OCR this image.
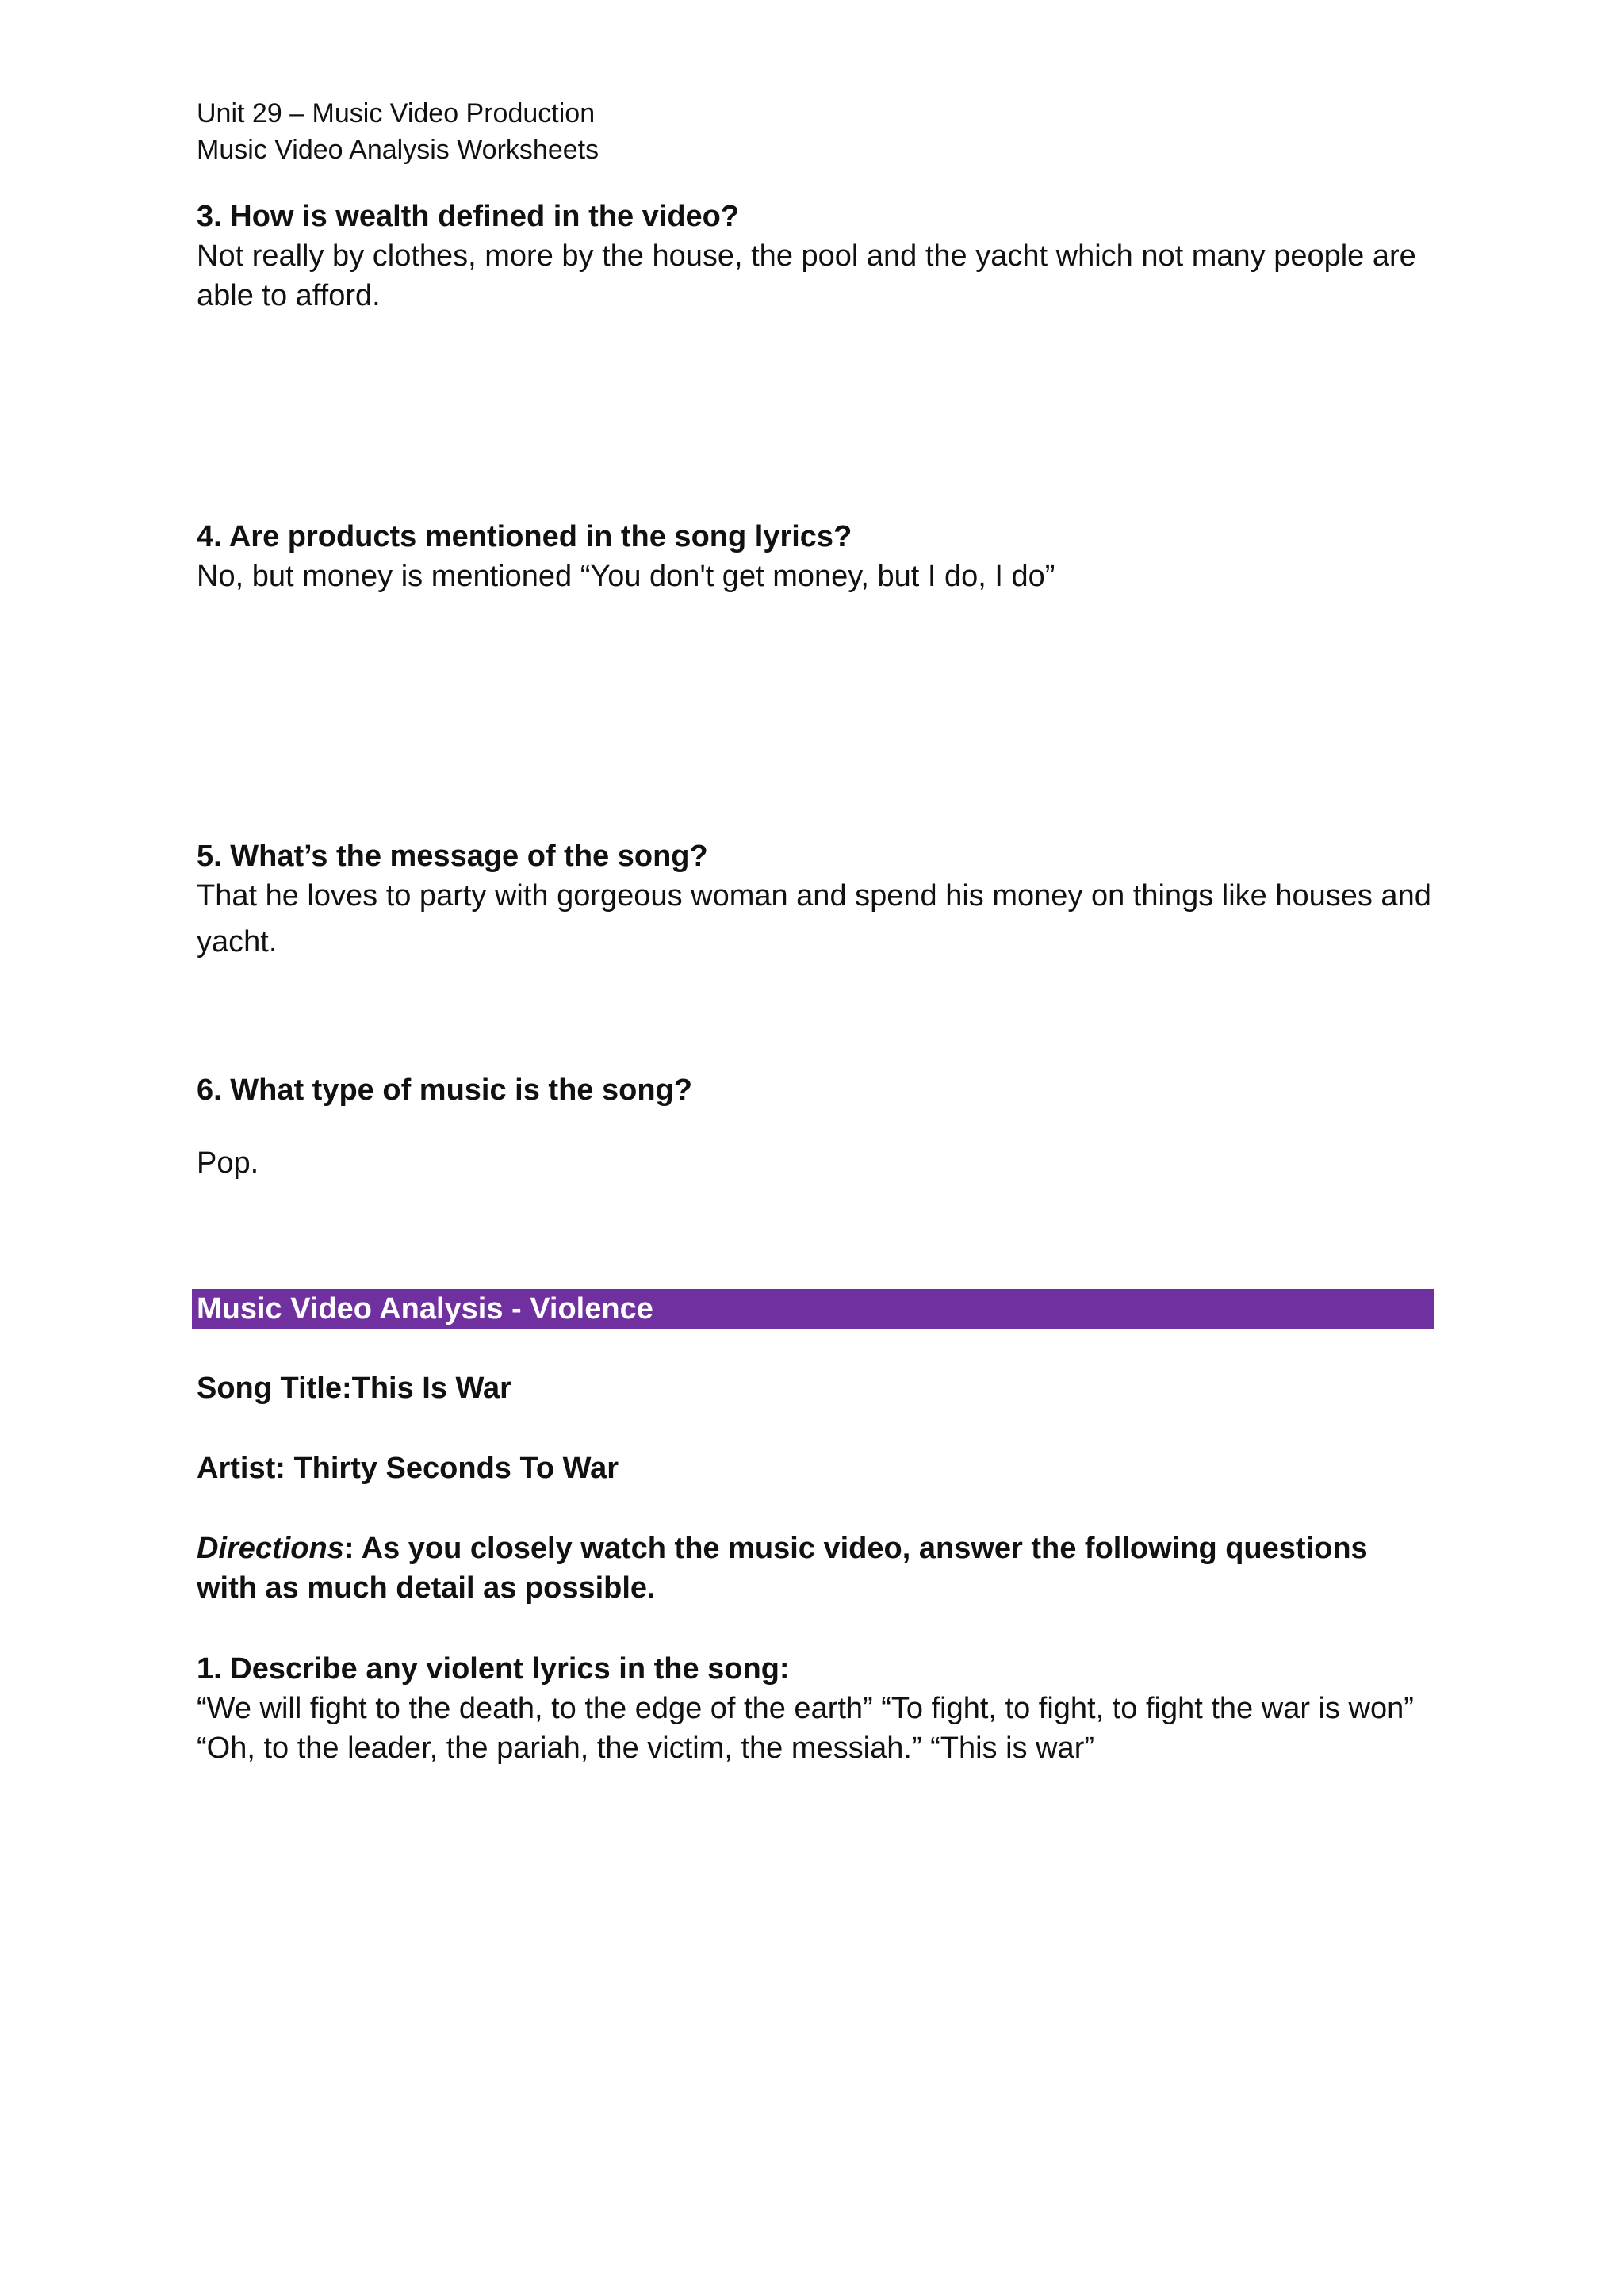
Unit 29 – Music Video Production
Music Video Analysis Worksheets
3. How is wealth defined in the video?
Not really by clothes, more by the house, the pool and the yacht which not many people are able to afford.
4. Are products mentioned in the song lyrics?
No, but money is mentioned “You don't get money, but I do, I do”
5. What’s the message of the song?
That he loves to party with gorgeous woman and spend his money on things like houses and yacht.
6. What type of music is the song?
Pop.
Music Video Analysis - Violence
Song Title:This Is War
Artist: Thirty Seconds To War
Directions: As you closely watch the music video, answer the following questions with as much detail as possible.
1. Describe any violent lyrics in the song:
“We will fight to the death, to the edge of the earth” “To fight, to fight, to fight the war is won” “Oh, to the leader, the pariah, the victim, the messiah.” “This is war”
